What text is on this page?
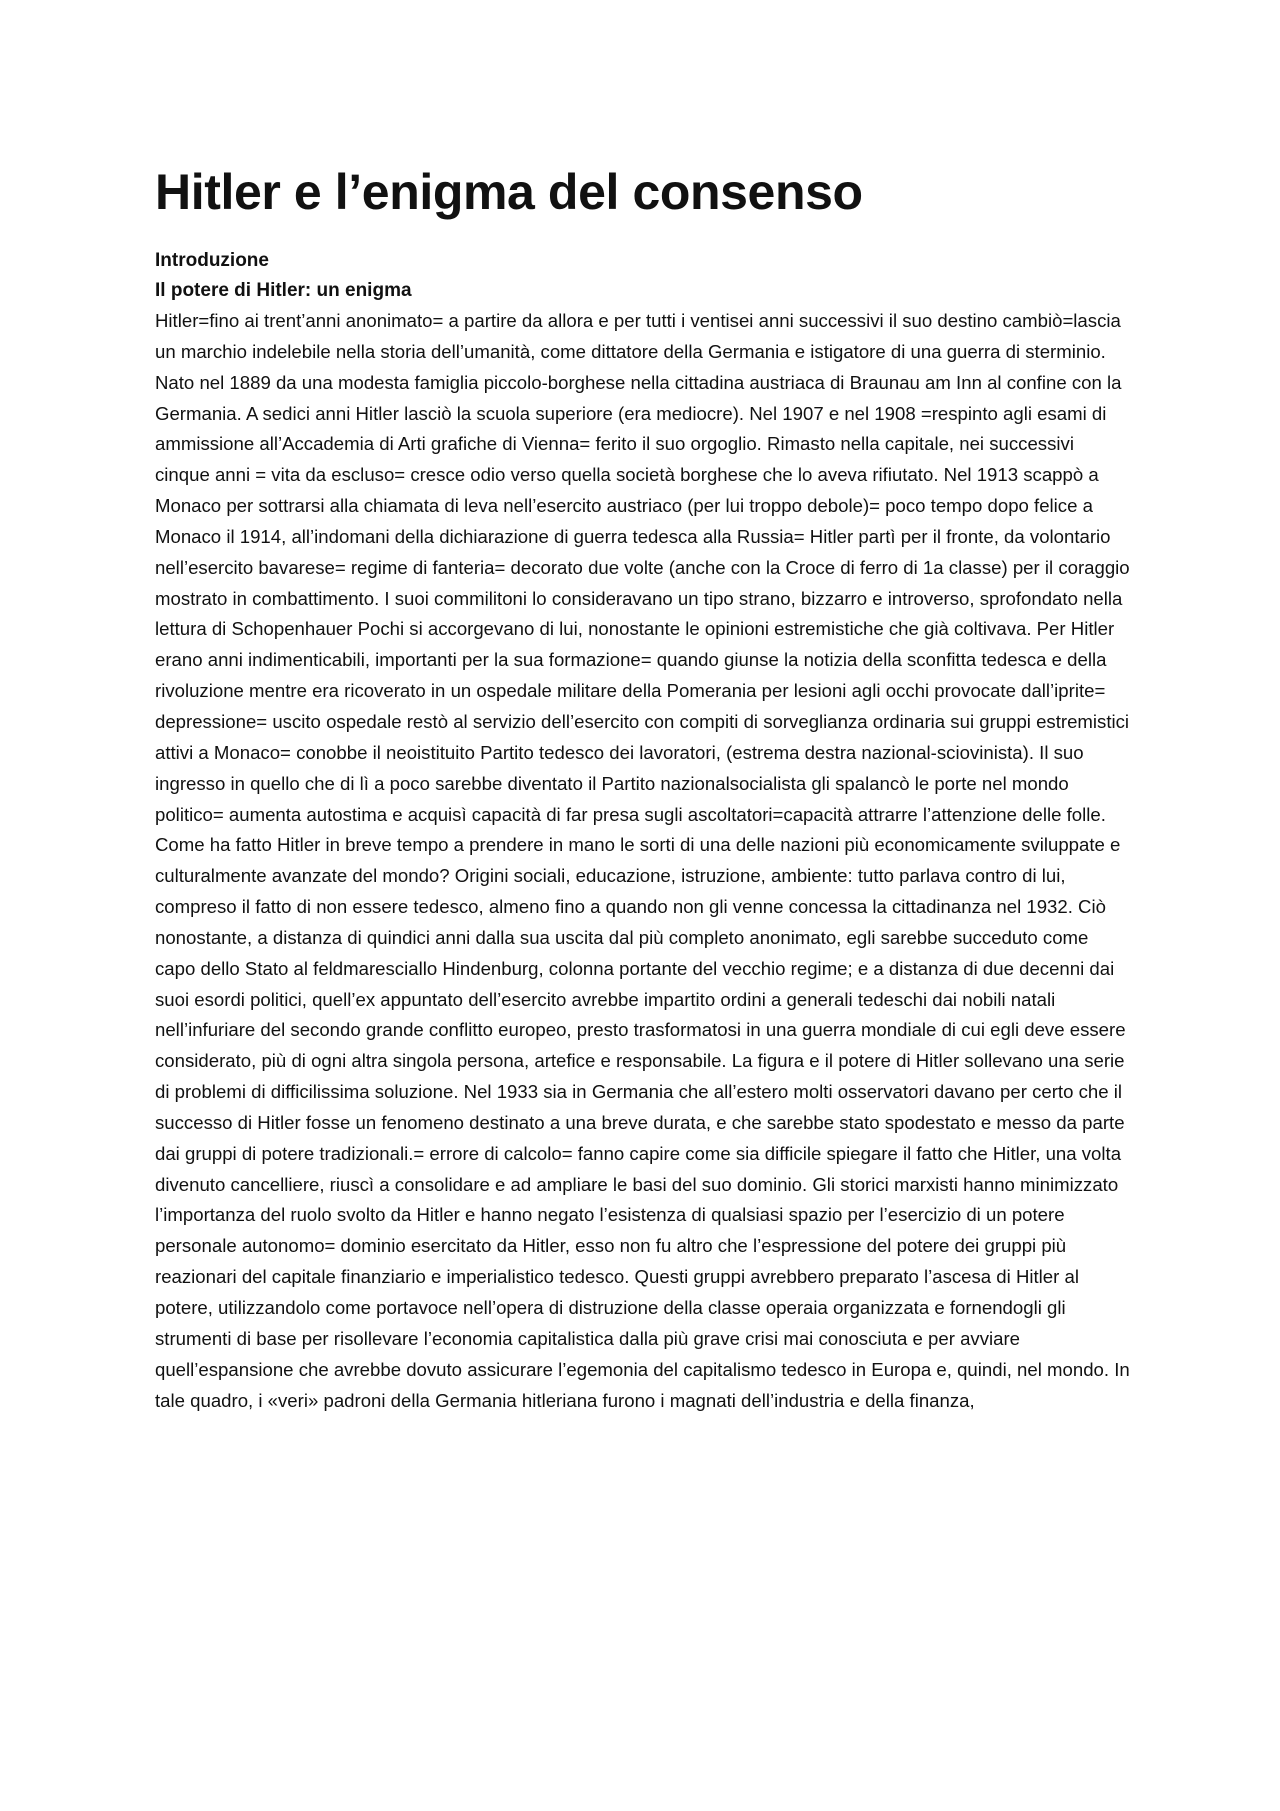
Hitler e l’enigma del consenso
Introduzione
Il potere di Hitler: un enigma

Hitler=fino ai trent’anni anonimato= a partire da allora e per tutti i ventisei anni successivi il suo destino cambiò=lascia un marchio indelebile nella storia dell’umanità, come dittatore della Germania e istigatore di una guerra di sterminio. Nato nel 1889 da una modesta famiglia piccolo-borghese nella cittadina austriaca di Braunau am Inn al confine con la Germania. A sedici anni Hitler lasciò la scuola superiore (era mediocre). Nel 1907 e nel 1908 =respinto agli esami di ammissione all’Accademia di Arti grafiche di Vienna= ferito il suo orgoglio. Rimasto nella capitale, nei successivi cinque anni = vita da escluso= cresce odio verso quella società borghese che lo aveva rifiutato. Nel 1913 scappò a Monaco per sottrarsi alla chiamata di leva nell’esercito austriaco (per lui troppo debole)= poco tempo dopo felice a Monaco il 1914, all’indomani della dichiarazione di guerra tedesca alla Russia= Hitler partì per il fronte, da volontario nell’esercito bavarese= regime di fanteria= decorato due volte (anche con la Croce di ferro di 1a classe) per il coraggio mostrato in combattimento. I suoi commilitoni lo consideravano un tipo strano, bizzarro e introverso, sprofondato nella lettura di Schopenhauer Pochi si accorgevano di lui, nonostante le opinioni estremistiche che già coltivava. Per Hitler erano anni indimenticabili, importanti per la sua formazione= quando giunse la notizia della sconfitta tedesca e della rivoluzione mentre era ricoverato in un ospedale militare della Pomerania per lesioni agli occhi provocate dall’iprite= depressione= uscito ospedale restò al servizio dell’esercito con compiti di sorveglianza ordinaria sui gruppi estremistici attivi a Monaco= conobbe il neoistituito Partito tedesco dei lavoratori, (estrema destra nazional-sciovinista). Il suo ingresso in quello che di lì a poco sarebbe diventato il Partito nazionalsocialista gli spalancò le porte nel mondo politico= aumenta autostima e acquisì capacità di far presa sugli ascoltatori=capacità attrarre l’attenzione delle folle. Come ha fatto Hitler in breve tempo a prendere in mano le sorti di una delle nazioni più economicamente sviluppate e culturalmente avanzate del mondo? Origini sociali, educazione, istruzione, ambiente: tutto parlava contro di lui, compreso il fatto di non essere tedesco, almeno fino a quando non gli venne concessa la cittadinanza nel 1932. Ciò nonostante, a distanza di quindici anni dalla sua uscita dal più completo anonimato, egli sarebbe succeduto come capo dello Stato al feldmaresciallo Hindenburg, colonna portante del vecchio regime; e a distanza di due decenni dai suoi esordi politici, quell’ex appuntato dell’esercito avrebbe impartito ordini a generali tedeschi dai nobili natali nell’infuriare del secondo grande conflitto europeo, presto trasformatosi in una guerra mondiale di cui egli deve essere considerato, più di ogni altra singola persona, artefice e responsabile. La figura e il potere di Hitler sollevano una serie di problemi di difficilissima soluzione. Nel 1933 sia in Germania che all’estero molti osservatori davano per certo che il successo di Hitler fosse un fenomeno destinato a una breve durata, e che sarebbe stato spodestato e messo da parte dai gruppi di potere tradizionali.= errore di calcolo= fanno capire come sia difficile spiegare il fatto che Hitler, una volta divenuto cancelliere, riuscì a consolidare e ad ampliare le basi del suo dominio. Gli storici marxisti hanno minimizzato l’importanza del ruolo svolto da Hitler e hanno negato l’esistenza di qualsiasi spazio per l’esercizio di un potere personale autonomo= dominio esercitato da Hitler, esso non fu altro che l’espressione del potere dei gruppi più reazionari del capitale finanziario e imperialistico tedesco. Questi gruppi avrebbero preparato l’ascesa di Hitler al potere, utilizzandolo come portavoce nell’opera di distruzione della classe operaia organizzata e fornendogli gli strumenti di base per risollevare l’economia capitalistica dalla più grave crisi mai conosciuta e per avviare quell’espansione che avrebbe dovuto assicurare l’egemonia del capitalismo tedesco in Europa e, quindi, nel mondo. In tale quadro, i «veri» padroni della Germania hitleriana furono i magnati dell’industria e della finanza,
